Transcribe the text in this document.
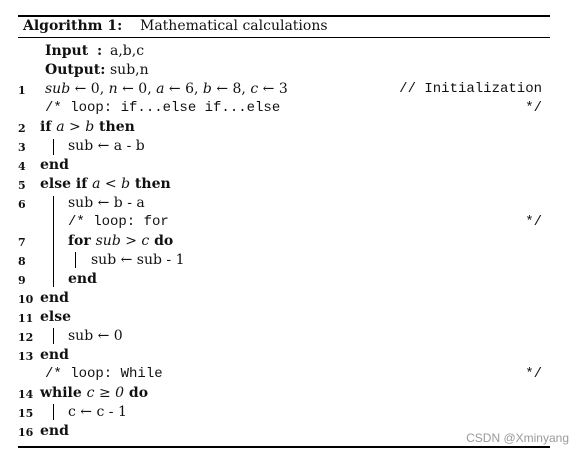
Algorithm 1: Mathematical calculations
Input : a,b,c
Output: sub,n
1	sub ← 0, n ← 0, a ← 6, b ← 8, c ← 3	// Initialization
/* loop: if...else if...else	*/
2	if a > b then
3	sub ← a - b
4	end
5	else if a < b then
6	sub ← b - a
/* loop: for	*/
7	for sub > c do
8	sub ← sub - 1
9	end
10 end
11 else
12 sub ← 0
13 end
/* loop: While	*/
14 while c ≥ 0 do
15 c ← c - 1
16 end	CSDN @Xminyang
